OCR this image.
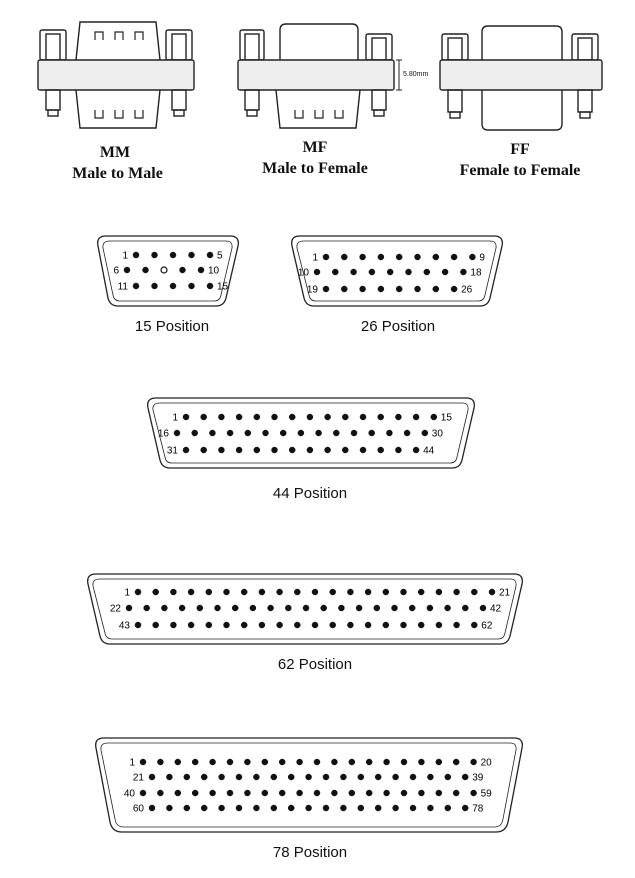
1	5
6	10
11	15
1	9
10	18
19	26
1	15
16	30
31	44
1	21
22	42
43	62
1	20
21	39
40	59
60	78
MM
Male to Male
MF
Male to Female
5.80mm
FF
Female to Female
15 Position	26 Position
44 Position
62 Position
78 Position
